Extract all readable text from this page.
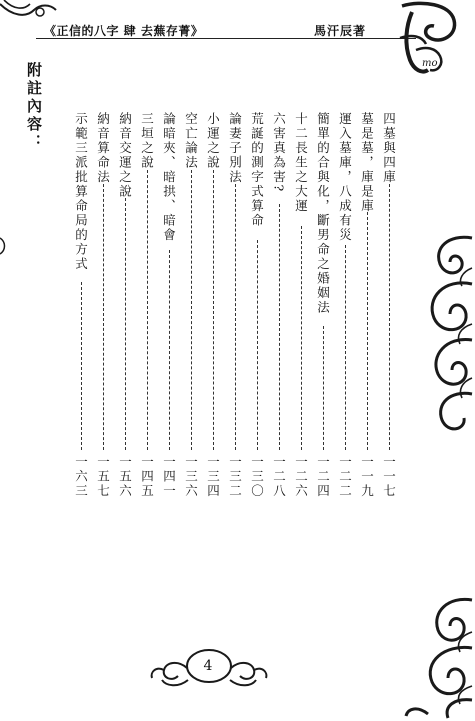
《正信的八字 肆 去蕪存菁》	馬汗辰著
mo
附註內容：	四墓與四庫
一一七
墓是墓，庫是庫
一一九
運入墓庫，八成有災
一二二
簡單的合與化，斷男命之婚姻法
一二四
十二長生之大運
一二六
六害真為害?
一二八
荒誕的測字式算命
一三〇
論妻子別法
一三二
小運之說
一三四
空亡論法
一三六
論暗夾、暗拱、暗會
一四一
三垣之說
一四五
納音交運之說
一五六
納音算命法
一五七
示範三派批算命局的方式
一六三
4
